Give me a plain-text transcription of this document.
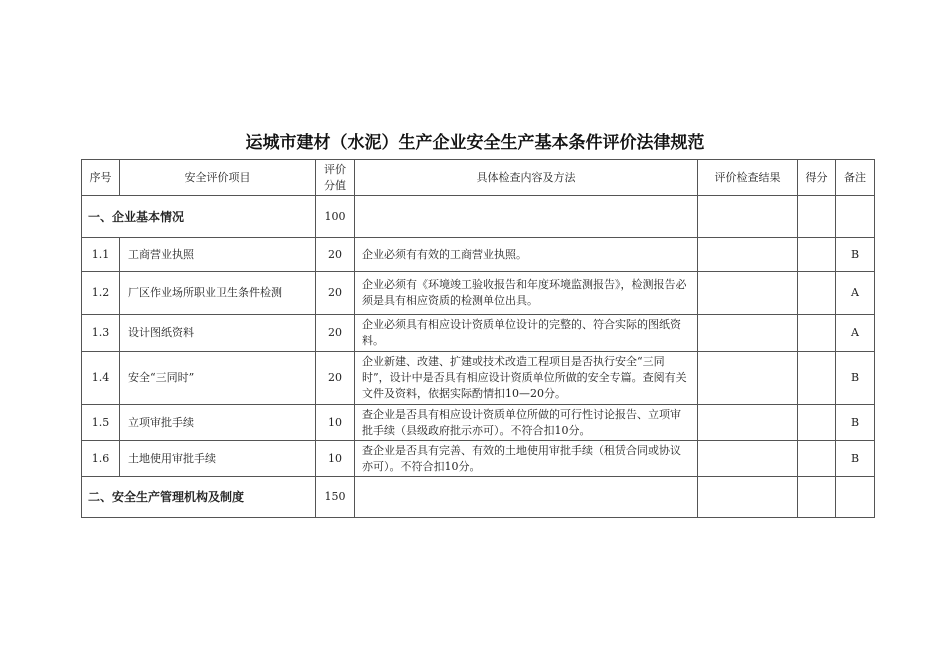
运城市建材（水泥）生产企业安全生产基本条件评价法律规范
序号	安全评价项目	评价分值	具体检查内容及方法	评价检查结果	得分	备注
一、企业基本情况		100				
1.1	工商营业执照	20	企业必须有有效的工商营业执照。			B
1.2	厂区作业场所职业卫生条件检测	20	企业必须有《环境竣工验收报告和年度环境监测报告》，检测报告必须是具有相应资质的检测单位出具。			A
1.3	设计图纸资料	20	企业必须具有相应设计资质单位设计的完整的、符合实际的图纸资料。			A
1.4	安全“三同时”	20	企业新建、改建、扩建或技术改造工程项目是否执行安全“三同时”，设计中是否具有相应设计资质单位所做的安全专篇。查阅有关文件及资料，依据实际酌情扣10—20分。			B
1.5	立项审批手续	10	查企业是否具有相应设计资质单位所做的可行性讨论报告、立项审批手续（县级政府批示亦可）。不符合扣10分。			B
1.6	土地使用审批手续	10	查企业是否具有完善、有效的土地使用审批手续（租赁合同或协议亦可）。不符合扣10分。			B
二、安全生产管理机构及制度		150				
